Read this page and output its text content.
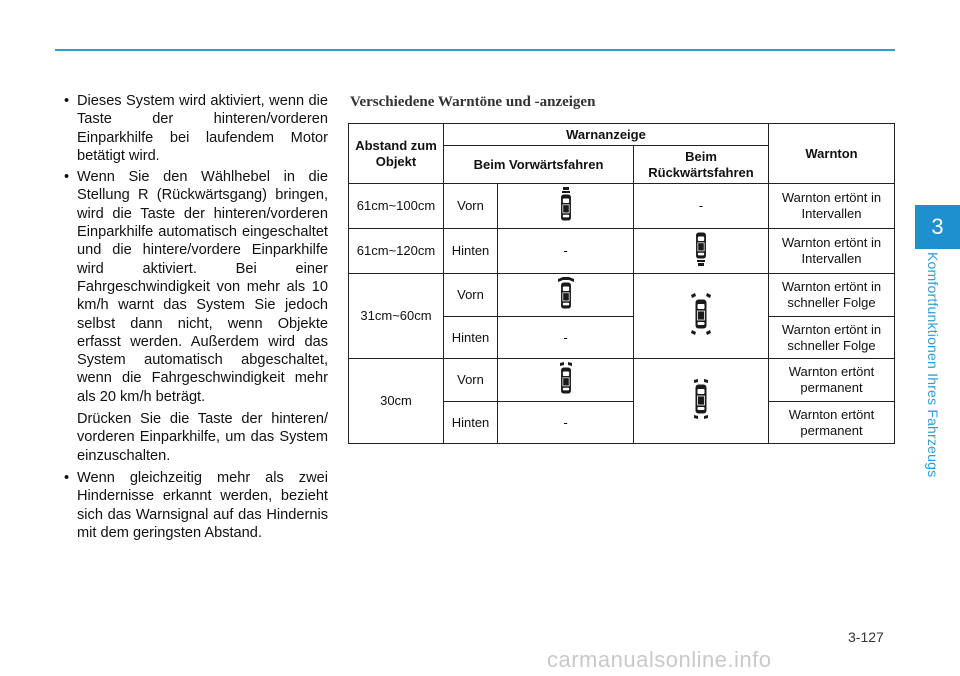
3
Komfortfunktionen Ihres Fahrzeugs
• Dieses System wird aktiviert, wenn die Taste der hinteren/vorderen Einparkhilfe bei laufendem Motor betätigt wird.
• Wenn Sie den Wählhebel in die Stellung R (Rückwärtsgang) bringen, wird die Taste der hinteren/vorderen Einparkhilfe automatisch eingeschaltet und die hintere/vordere Einparkhilfe wird aktiviert. Bei einer Fahrgeschwindigkeit von mehr als 10 km/h warnt das System Sie jedoch selbst dann nicht, wenn Objekte erfasst werden. Außerdem wird das System automatisch abgeschaltet, wenn die Fahrgeschwindigkeit mehr als 20 km/h beträgt.
Drücken Sie die Taste der hinteren/ vorderen Einparkhilfe, um das System einzuschalten.
• Wenn gleichzeitig mehr als zwei Hindernisse erkannt werden, bezieht sich das Warnsignal auf das Hindernis mit dem geringsten Abstand.
Verschiedene Warntöne und -anzeigen
Abstand zum Objekt	Warnanzeige			Warnton
	Beim Vorwärtsfahren		Beim Rückwärtsfahren	
61cm~100cm	Vorn		-	Warnton ertönt in Intervallen
61cm~120cm	Hinten	-		Warnton ertönt in Intervallen
31cm~60cm	Vorn			Warnton ertönt in schneller Folge
	Hinten	-		Warnton ertönt in schneller Folge
30cm	Vorn			Warnton ertönt permanent
	Hinten	-		Warnton ertönt permanent
3-127
carmanualsonline.info
